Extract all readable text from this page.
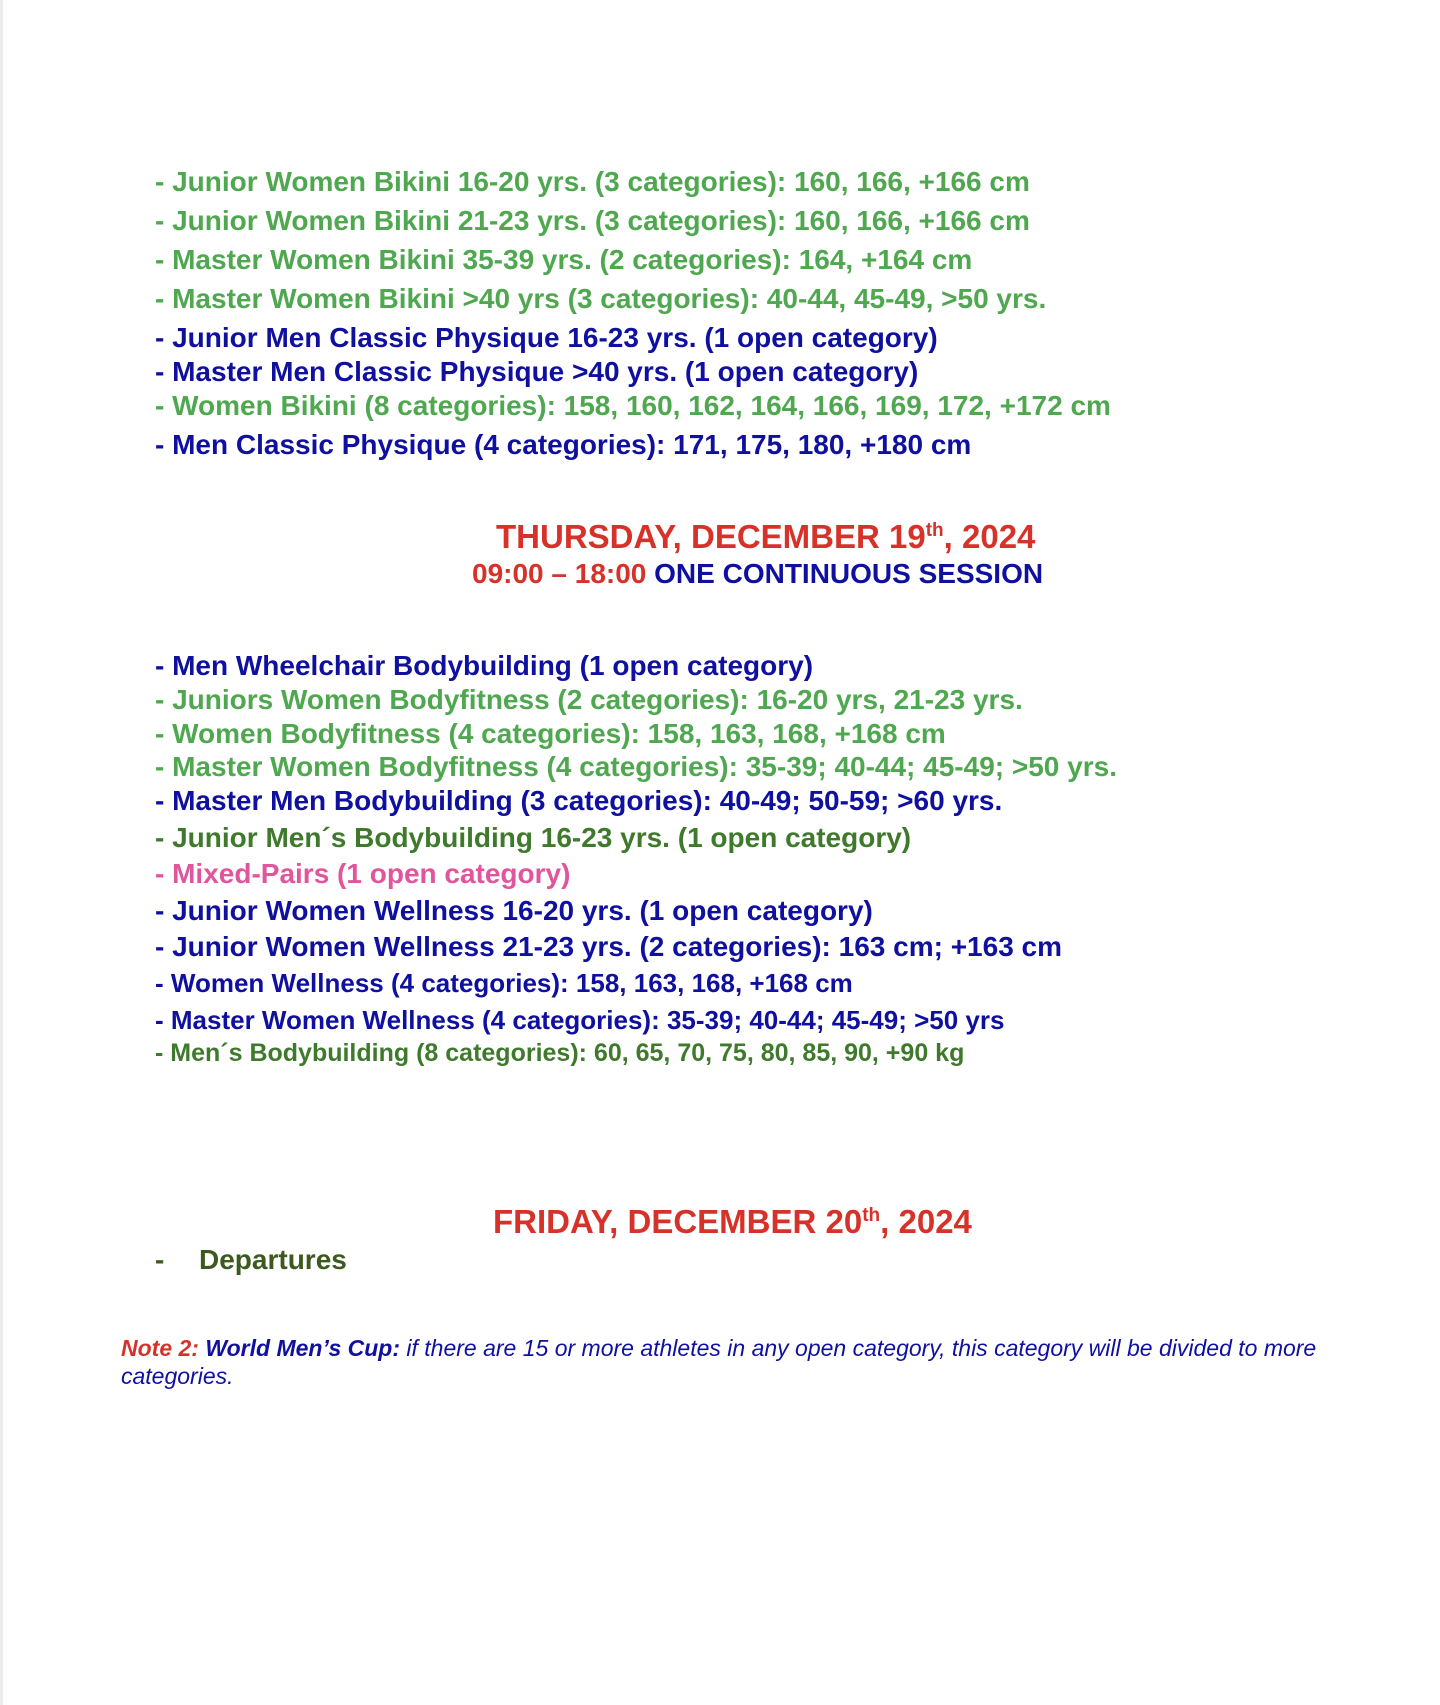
- Junior Women Bikini 16-20 yrs. (3 categories): 160, 166, +166 cm
- Junior Women Bikini 21-23 yrs. (3 categories): 160, 166, +166 cm
- Master Women Bikini 35-39 yrs. (2 categories): 164, +164 cm
- Master Women Bikini >40 yrs (3 categories): 40-44, 45-49, >50 yrs.
- Junior Men Classic Physique 16-23 yrs. (1 open category)
- Master Men Classic Physique >40 yrs. (1 open category)
- Women Bikini (8 categories): 158, 160, 162, 164, 166, 169, 172, +172 cm
- Men Classic Physique (4 categories): 171, 175, 180, +180 cm
THURSDAY, DECEMBER 19th, 2024
09:00 – 18:00 ONE CONTINUOUS SESSION
- Men Wheelchair Bodybuilding (1 open category)
- Juniors Women Bodyfitness (2 categories): 16-20 yrs, 21-23 yrs.
- Women Bodyfitness (4 categories): 158, 163, 168, +168 cm
- Master Women Bodyfitness (4 categories): 35-39; 40-44; 45-49; >50 yrs.
- Master Men Bodybuilding (3 categories): 40-49; 50-59; >60 yrs.
- Junior Men´s Bodybuilding 16-23 yrs. (1 open category)
- Mixed-Pairs (1 open category)
- Junior Women Wellness 16-20 yrs. (1 open category)
- Junior Women Wellness 21-23 yrs. (2 categories): 163 cm; +163 cm
- Women Wellness (4 categories): 158, 163, 168, +168 cm
- Master Women Wellness (4 categories): 35-39; 40-44; 45-49; >50 yrs
- Men´s Bodybuilding (8 categories): 60, 65, 70, 75, 80, 85, 90, +90 kg
FRIDAY, DECEMBER 20th, 2024
- Departures
Note 2: World Men’s Cup: if there are 15 or more athletes in any open category, this category will be divided to more categories.
